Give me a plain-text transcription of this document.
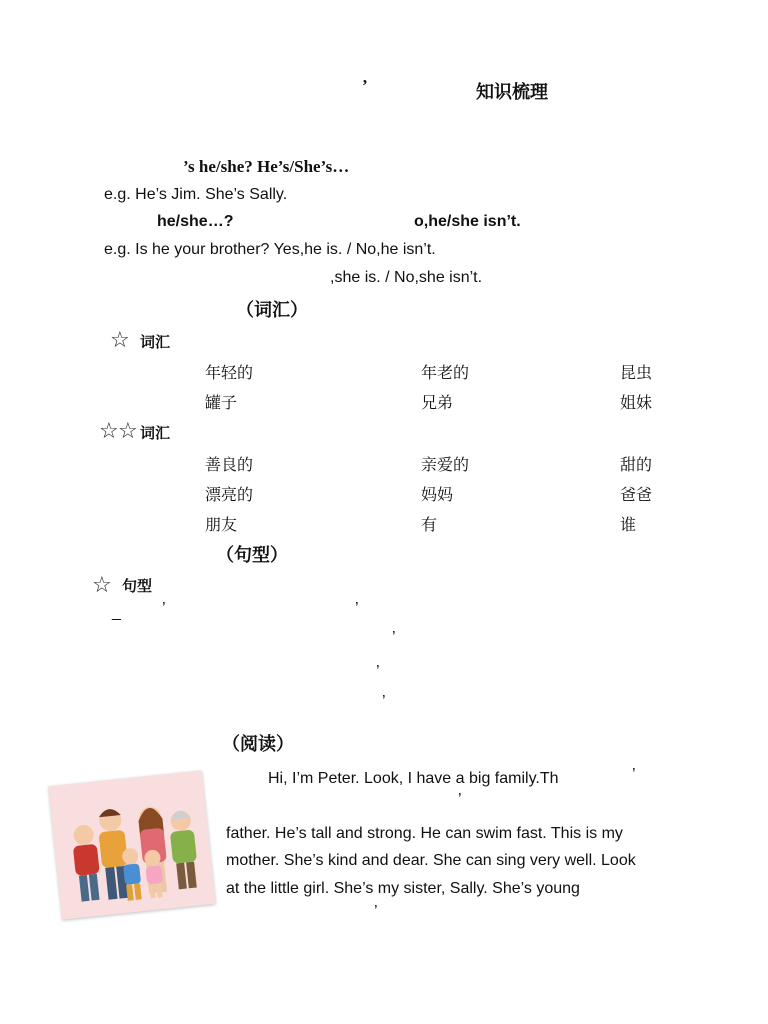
’	知识梳理
’s he/she? He’s/She’s…
e.g. He’s Jim. She’s Sally.
he/she…?	o,he/she isn’t.
e.g. Is he your brother? Yes,he is. / No,he isn’t.
,she is. / No,she isn’t.
（词汇）
☆ 词汇
年轻的	年老的	昆虫
罐子	兄弟	姐妹
☆ ☆ 词汇
善良的	亲爱的	甜的
漂亮的	妈妈	爸爸
朋友	有	谁
（句型）
☆ 句型
_	’	’
’
’
’
（阅读）
Hi, I’m Peter. Look, I have a big family.Th	’
’
father. He’s tall and strong. He can swim fast. This is my
mother. She’s kind and dear. She can sing very well. Look
at the little girl. She’s my sister, Sally. She’s young
’
